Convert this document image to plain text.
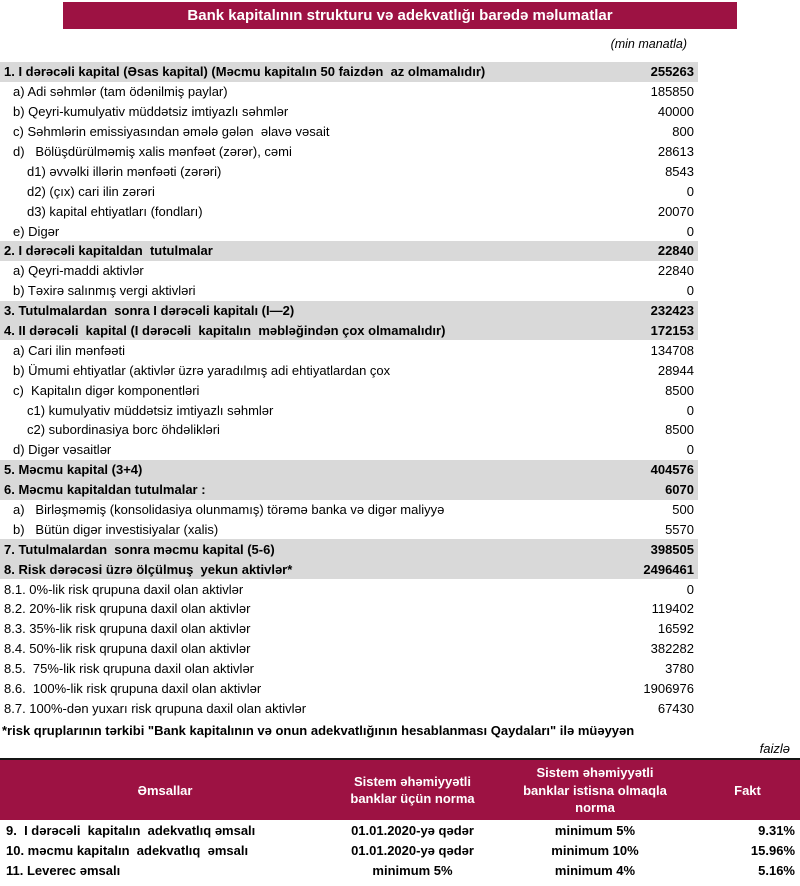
Bank kapitalının strukturu və adekvatlığı barədə məlumatlar
(min manatla)
1. I dərəcəli kapital (Əsas kapital) (Məcmu kapitalın 50 faizdən  az olmamalıdır)	255263
a) Adi səhmlər (tam ödənilmiş paylar)	185850
b) Qeyri-kumulyativ müddətsiz imtiyazlı səhmlər	40000
c) Səhmlərin emissiyasından əmələ gələn  əlavə vəsait	800
d)   Bölüşdürülməmiş xalis mənfəət (zərər), cəmi	28613
d1) əvvəlki illərin mənfəəti (zərəri)	8543
d2) (çıx) cari ilin zərəri	0
d3) kapital ehtiyatları (fondları)	20070
e) Digər	0
2. I dərəcəli kapitaldan  tutulmalar	22840
a) Qeyri-maddi aktivlər	22840
b) Təxirə salınmış vergi aktivləri	0
3. Tutulmalardan  sonra I dərəcəli kapitalı (I—2)	232423
4. II dərəcəli  kapital (I dərəcəli  kapitalın  məbləğindən çox olmamalıdır)	172153
a) Cari ilin mənfəəti	134708
b) Ümumi ehtiyatlar (aktivlər üzrə yaradılmış adi ehtiyatlardan çox	28944
c)  Kapitalın digər komponentləri	8500
c1) kumulyativ müddətsiz imtiyazlı səhmlər	0
c2) subordinasiya borc öhdəlikləri	8500
d) Digər vəsaitlər	0
5. Məcmu kapital (3+4)	404576
6. Məcmu kapitaldan tutulmalar :	6070
a)   Birləşməmiş (konsolidasiya olunmamış) törəmə banka və digər maliyyə	500
b)   Bütün digər investisiyalar (xalis)	5570
7. Tutulmalardan  sonra məcmu kapital (5-6)	398505
8. Risk dərəcəsi üzrə ölçülmuş  yekun aktivlər*	2496461
8.1. 0%-lik risk qrupuna daxil olan aktivlər	0
8.2. 20%-lik risk qrupuna daxil olan aktivlər	119402
8.3. 35%-lik risk qrupuna daxil olan aktivlər	16592
8.4. 50%-lik risk qrupuna daxil olan aktivlər	382282
8.5.  75%-lik risk qrupuna daxil olan aktivlər	3780
8.6.  100%-lik risk qrupuna daxil olan aktivlər	1906976
8.7. 100%-dən yuxarı risk qrupuna daxil olan aktivlər	67430
*risk qruplarının tərkibi "Bank kapitalının və onun adekvatlığının hesablanması Qaydaları" ilə müəyyən
faizlə
Əmsallar
Sistem əhəmiyyətli banklar üçün norma
Sistem əhəmiyyətli banklar istisna olmaqla norma
Fakt
9.  I dərəcəli  kapitalın  adekvatlıq əmsalı	01.01.2020-yə qədər	minimum 5%	9.31%
10. məcmu kapitalın  adekvatlıq  əmsalı	01.01.2020-yə qədər	minimum 10%	15.96%
11. Leverec əmsalı	minimum 5%	minimum 4%	5.16%
